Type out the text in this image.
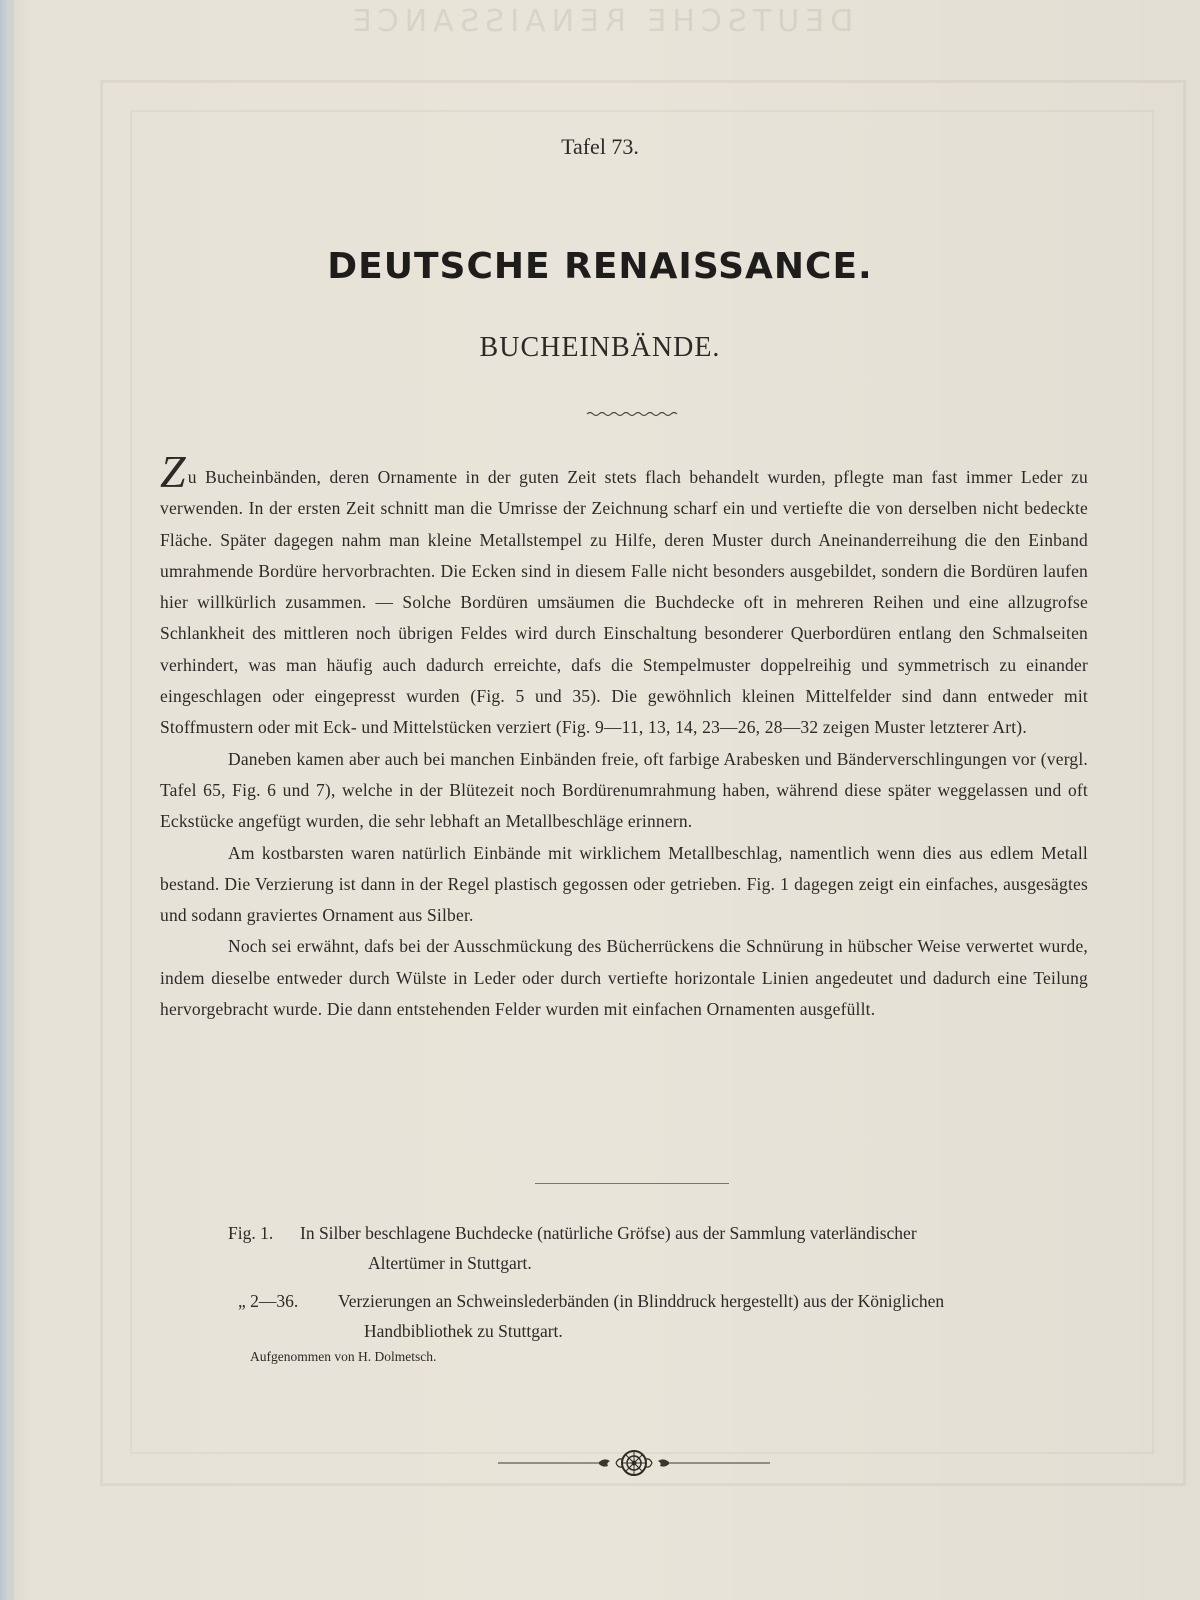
DEUTSCHE RENAISSANCE
Tafel 73.
DEUTSCHE RENAISSANCE.
BUCHEINBÄNDE.

Zu Bucheinbänden, deren Ornamente in der guten Zeit stets flach behandelt wurden, pflegte man fast immer Leder zu verwenden. In der ersten Zeit schnitt man die Umrisse der Zeichnung scharf ein und vertiefte die von derselben nicht bedeckte Fläche. Später dagegen nahm man kleine Metallstempel zu Hilfe, deren Muster durch Aneinanderreihung die den Einband umrahmende Bordüre hervorbrachten. Die Ecken sind in diesem Falle nicht besonders ausgebildet, sondern die Bordüren laufen hier willkürlich zusammen. — Solche Bordüren umsäumen die Buchdecke oft in mehreren Reihen und eine allzugrofse Schlankheit des mittleren noch übrigen Feldes wird durch Einschaltung besonderer Querbordüren entlang den Schmalseiten verhindert, was man häufig auch dadurch erreichte, dafs die Stempelmuster doppelreihig und symmetrisch zu einander eingeschlagen oder eingepresst wurden (Fig. 5 und 35). Die gewöhnlich kleinen Mittelfelder sind dann entweder mit Stoffmustern oder mit Eck- und Mittelstücken verziert (Fig. 9—11, 13, 14, 23—26, 28—32 zeigen Muster letzterer Art).

Daneben kamen aber auch bei manchen Einbänden freie, oft farbige Arabesken und Bänderverschlingungen vor (vergl. Tafel 65, Fig. 6 und 7), welche in der Blütezeit noch Bordürenumrahmung haben, während diese später weggelassen und oft Eckstücke angefügt wurden, die sehr lebhaft an Metallbeschläge erinnern.

Am kostbarsten waren natürlich Einbände mit wirklichem Metallbeschlag, namentlich wenn dies aus edlem Metall bestand. Die Verzierung ist dann in der Regel plastisch gegossen oder getrieben. Fig. 1 dagegen zeigt ein einfaches, ausgesägtes und sodann graviertes Ornament aus Silber.

Noch sei erwähnt, dafs bei der Ausschmückung des Bücherrückens die Schnürung in hübscher Weise verwertet wurde, indem dieselbe entweder durch Wülste in Leder oder durch vertiefte horizontale Linien angedeutet und dadurch eine Teilung hervorgebracht wurde. Die dann entstehenden Felder wurden mit einfachen Ornamenten ausgefüllt.

Fig. 1. In Silber beschlagene Buchdecke (natürliche Gröfse) aus der Sammlung vaterländischer
Altertümer in Stuttgart.
„ 2—36. Verzierungen an Schweinslederbänden (in Blinddruck hergestellt) aus der Königlichen
Handbibliothek zu Stuttgart.
Aufgenommen von H. Dolmetsch.
